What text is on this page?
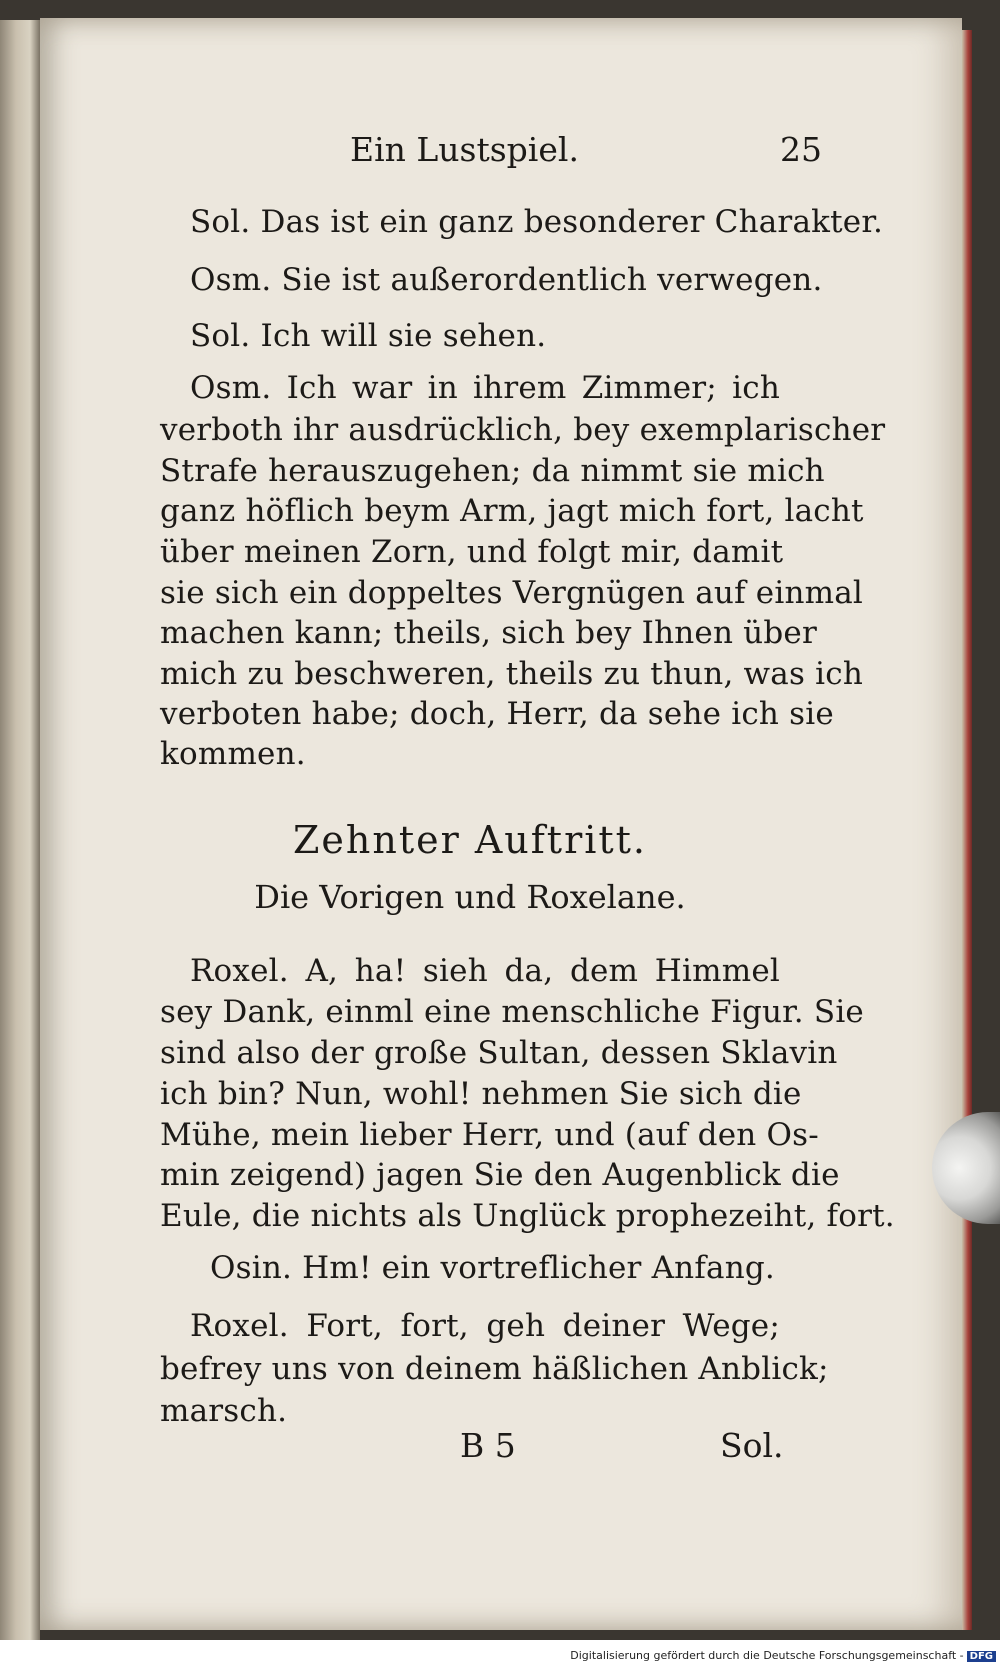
Ein Lustspiel.	25
Sol. Das ist ein ganz besonderer Charakter.
Osm. Sie ist außerordentlich verwegen.
Sol. Ich will sie sehen.
Osm. Ich war in ihrem Zimmer; ich
verboth ihr ausdrücklich, bey exemplarischer
Strafe herauszugehen; da nimmt sie mich
ganz höflich beym Arm, jagt mich fort, lacht
über meinen Zorn, und folgt mir, damit
sie sich ein doppeltes Vergnügen auf einmal
machen kann; theils, sich bey Ihnen über
mich zu beschweren, theils zu thun, was ich
verboten habe; doch, Herr, da sehe ich sie
kommen.
Zehnter Auftritt.
Die Vorigen und Roxelane.
Roxel. A, ha! sieh da, dem Himmel
sey Dank, einml eine menschliche Figur. Sie
sind also der große Sultan, dessen Sklavin
ich bin? Nun, wohl! nehmen Sie sich die
Mühe, mein lieber Herr, und (auf den Os-
min zeigend) jagen Sie den Augenblick die
Eule, die nichts als Unglück prophezeiht, fort.
Osin. Hm! ein vortreflicher Anfang.
Roxel. Fort, fort, geh deiner Wege;
befrey uns von deinem häßlichen Anblick;
marsch.
B 5	Sol.
Digitalisierung gefördert durch die Deutsche Forschungsgemeinschaft - DFG
